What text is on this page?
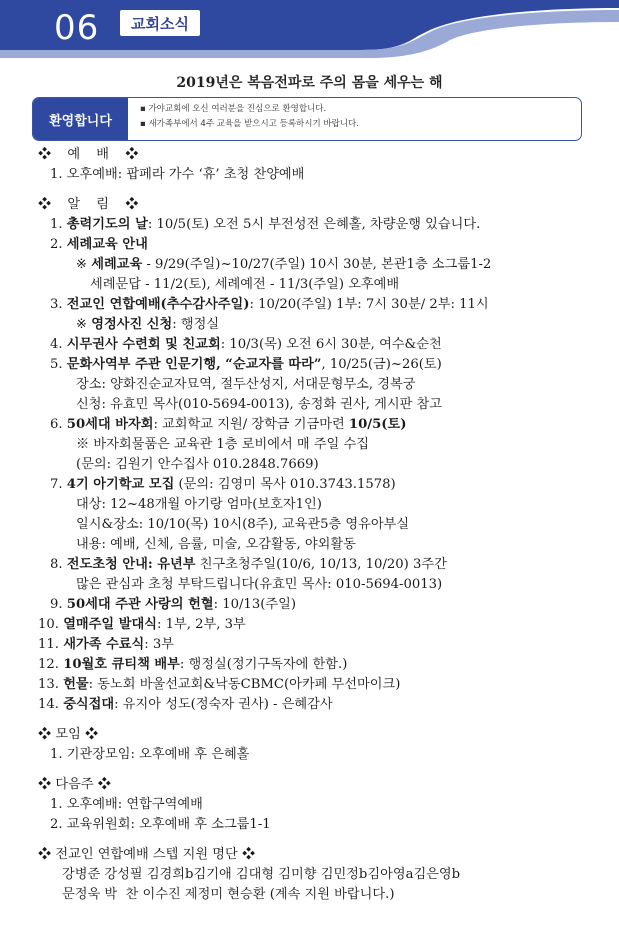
06	교회소식
2019년은 복음전파로 주의 몸을 세우는 해
환영합니다
▪ 가야교회에 오신 여러분을 진심으로 환영합니다.
▪ 새가족부에서 4주 교육을 받으시고 등록하시기 바랍니다.
❖ 예 배 ❖
1. 오후예배: 팝페라 가수 ‘휴’ 초청 찬양예배
❖ 알 림 ❖
1. 총력기도의 날: 10/5(토) 오전 5시 부전성전 은혜홀, 차량운행 있습니다.
2. 세례교육 안내
※ 세례교육 - 9/29(주일)~10/27(주일) 10시 30분, 본관1층 소그룹1-2
세례문답 - 11/2(토), 세례예전 - 11/3(주일) 오후예배
3. 전교인 연합예배(추수감사주일): 10/20(주일) 1부: 7시 30분/ 2부: 11시
※ 영정사진 신청: 행정실
4. 시무권사 수련회 및 친교회: 10/3(목) 오전 6시 30분, 여수&순천
5. 문화사역부 주관 인문기행, “순교자를 따라”, 10/25(금)~26(토)
장소: 양화진순교자묘역, 절두산성지, 서대문형무소, 경복궁
신청: 유효민 목사(010-5694-0013), 송정화 권사, 게시판 참고
6. 50세대 바자회: 교회학교 지원/ 장학금 기금마련 10/5(토)
※ 바자회물품은 교육관 1층 로비에서 매 주일 수집
(문의: 김원기 안수집사 010.2848.7669)
7. 4기 아기학교 모집 (문의: 김영미 목사 010.3743.1578)
대상: 12~48개월 아기랑 엄마(보호자1인)
일시&장소: 10/10(목) 10시(8주), 교육관5층 영유아부실
내용: 예배, 신체, 음률, 미술, 오감활동, 야외활동
8. 전도초청 안내: 유년부 친구초청주일(10/6, 10/13, 10/20) 3주간
많은 관심과 초청 부탁드립니다(유효민 목사: 010-5694-0013)
9. 50세대 주관 사랑의 헌혈: 10/13(주일)
10. 열매주일 발대식: 1부, 2부, 3부
11. 새가족 수료식: 3부
12. 10월호 큐티책 배부: 행정실(정기구독자에 한함.)
13. 헌물: 동노회 바울선교회&낙동CBMC(아카페 무선마이크)
14. 중식접대: 유지아 성도(정숙자 권사) - 은혜감사
❖ 모임 ❖
1. 기관장모임: 오후예배 후 은혜홀
❖ 다음주 ❖
1. 오후예배: 연합구역예배
2. 교육위원회: 오후예배 후 소그룹1-1
❖ 전교인 연합예배 스텝 지원 명단 ❖
강병준 강성필 김경희b김기애 김대형 김미향 김민정b김아영a김은영b
문정욱 박  찬 이수진 제정미 현승환 (계속 지원 바랍니다.)
